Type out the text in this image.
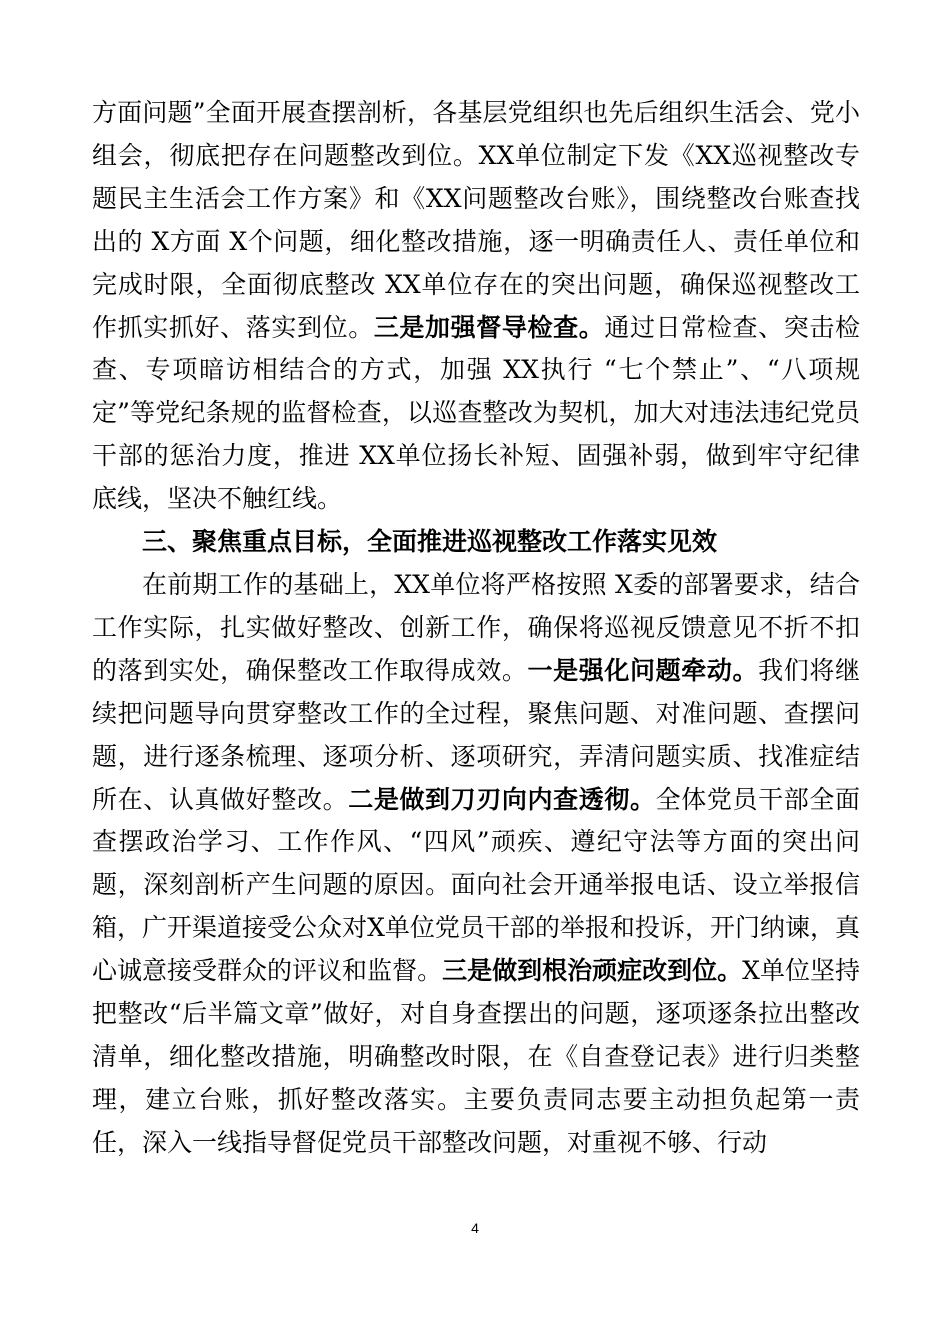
方面问题”全面开展查摆剖析，各基层党组织也先后组织生活会、党小组会，彻底把存在问题整改到位。XX单位制定下发《XX巡视整改专题民主生活会工作方案》和《XX问题整改台账》，围绕整改台账查找出的 X方面 X个问题，细化整改措施，逐一明确责任人、责任单位和完成时限，全面彻底整改 XX单位存在的突出问题，确保巡视整改工作抓实抓好、落实到位。三是加强督导检查。通过日常检查、突击检查、专项暗访相结合的方式，加强 XX执行 “七个禁止”、“八项规定”等党纪条规的监督检查，以巡查整改为契机，加大对违法违纪党员干部的惩治力度，推进 XX单位扬长补短、固强补弱，做到牢守纪律底线，坚决不触红线。

三、聚焦重点目标，全面推进巡视整改工作落实见效

在前期工作的基础上，XX单位将严格按照 X委的部署要求，结合工作实际，扎实做好整改、创新工作，确保将巡视反馈意见不折不扣的落到实处，确保整改工作取得成效。一是强化问题牵动。我们将继续把问题导向贯穿整改工作的全过程，聚焦问题、对准问题、查摆问题，进行逐条梳理、逐项分析、逐项研究，弄清问题实质、找准症结所在、认真做好整改。二是做到刀刃向内查透彻。全体党员干部全面查摆政治学习、工作作风、“四风”顽疾、遵纪守法等方面的突出问题，深刻剖析产生问题的原因。面向社会开通举报电话、设立举报信箱，广开渠道接受公众对X单位党员干部的举报和投诉，开门纳谏，真心诚意接受群众的评议和监督。三是做到根治顽症改到位。X单位坚持把整改“后半篇文章”做好，对自身查摆出的问题，逐项逐条拉出整改清单，细化整改措施，明确整改时限，在《自查登记表》进行归类整理，建立台账，抓好整改落实。主要负责同志要主动担负起第一责任，深入一线指导督促党员干部整改问题，对重视不够、行动

4
